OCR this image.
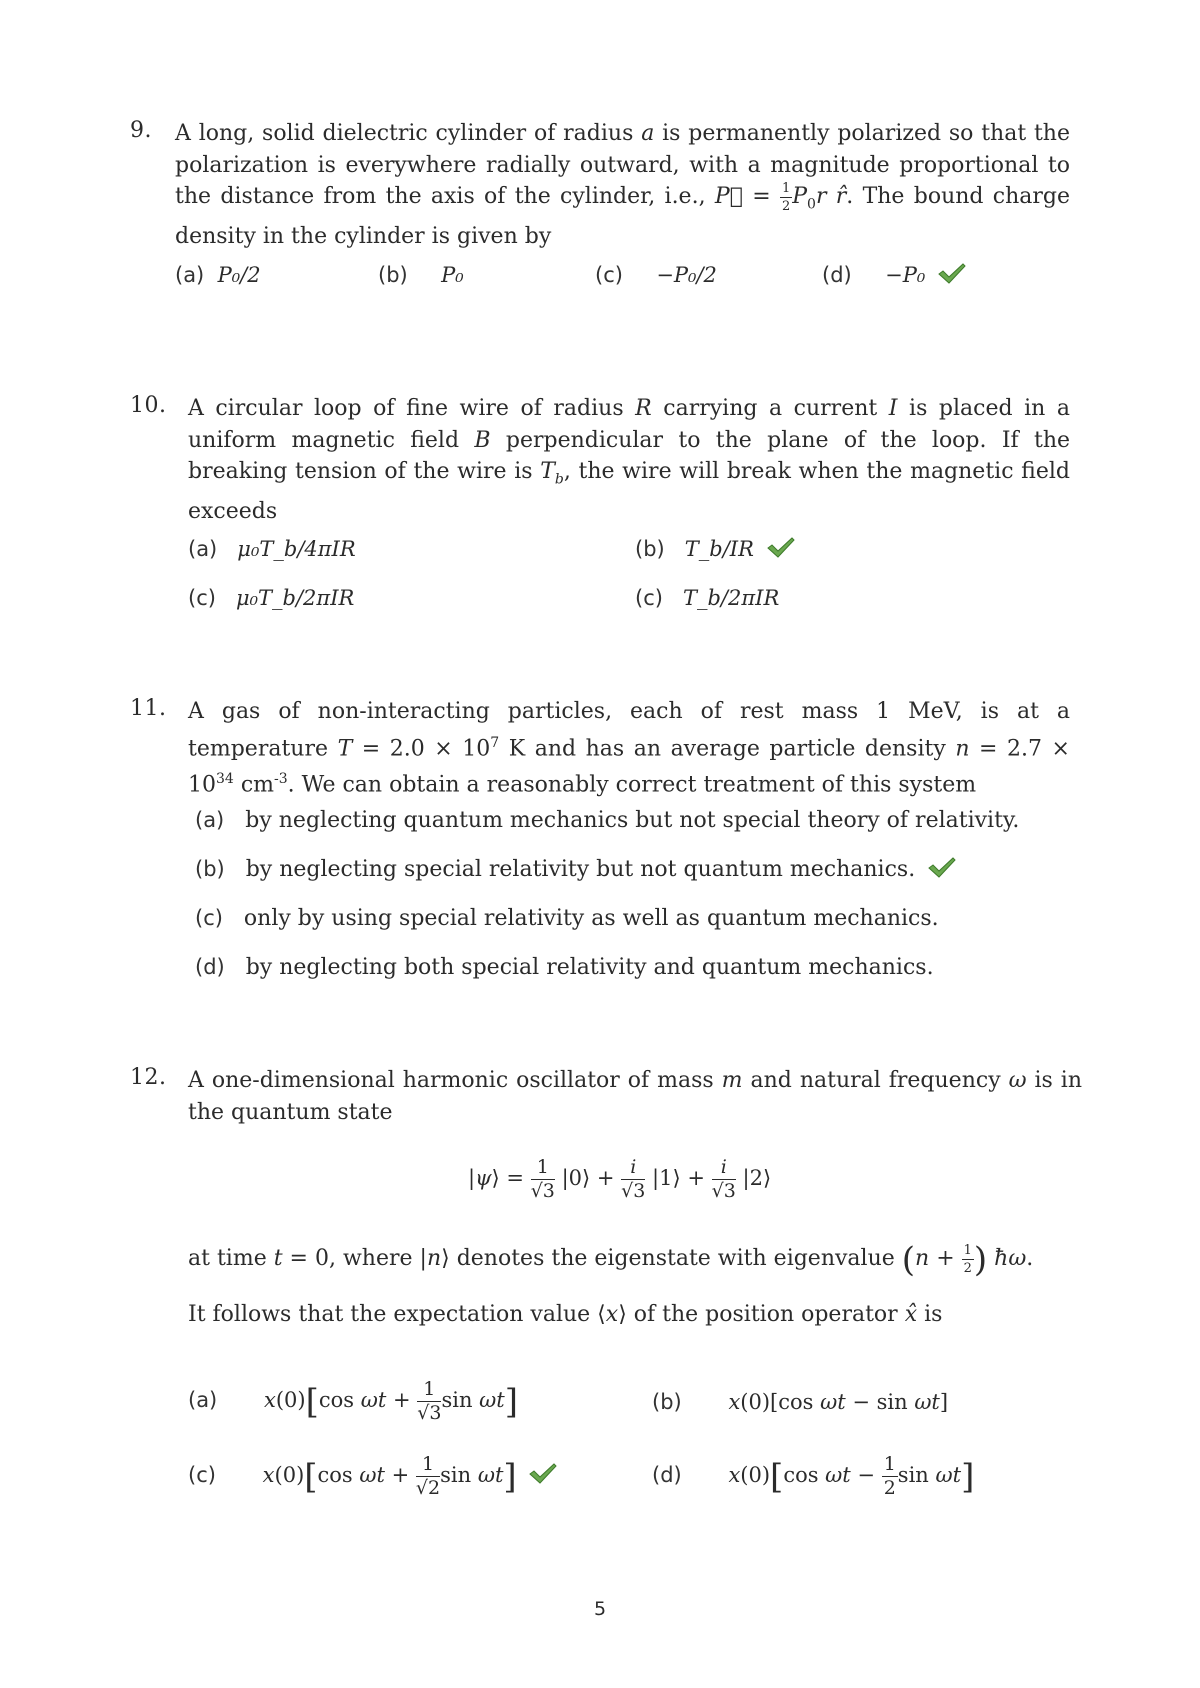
9. A long, solid dielectric cylinder of radius a is permanently polarized so that the polarization is everywhere radially outward, with a magnitude proportional to the distance from the axis of the cylinder, i.e., P⃗ = $\frac{1}{2} P_0r$ r̂. The bound charge density in the cylinder is given by
(a) P₀/2	(b) P₀	(c) −P₀/2	(d) −P₀
10. A circular loop of fine wire of radius R carrying a current I is placed in a uniform magnetic field B perpendicular to the plane of the loop. If the breaking tension of the wire is $T_b$, the wire will break when the magnetic field exceeds
(a) μ₀T_b/4πIR	(b) T_b/IR
(c) μ₀T_b/2πIR	(c) T_b/2πIR
11. A gas of non-interacting particles, each of rest mass 1 MeV, is at a temperature $T = 2.0 \times 10^7$ K and has an average particle density $n = 2.7 \times 10^{34}$ $cm^{-3}$. We can obtain a reasonably correct treatment of this system
(a) by neglecting quantum mechanics but not special theory of relativity.
(b) by neglecting special relativity but not quantum mechanics.
(c) only by using special relativity as well as quantum mechanics.
(d) by neglecting both special relativity and quantum mechanics.
12. A one-dimensional harmonic oscillator of mass m and natural frequency ω is in the quantum state
|ψ⟩ = $\frac{1}{√3}$ |0⟩ + $\frac{i}{√3}$ |1⟩ + $\frac{i}{√3}$ |2⟩
at time t = 0, where |n⟩ denotes the eigenstate with eigenvalue ($n + \frac{1}{2}$ ) ħω.
It follows that the expectation value ⟨x⟩ of the position operator x̂ is
(a) x(0)[cos $\omega t + \frac{1}{√3}$ sin ωt]	(b) x(0)[cos ωt − sin ωt]
(c) x(0)[cos $\omega t + \frac{1}{√2}$ sin ωt]	(d) x(0)[cos $\omega t - \frac{1}{2}$ sin ωt]
5
